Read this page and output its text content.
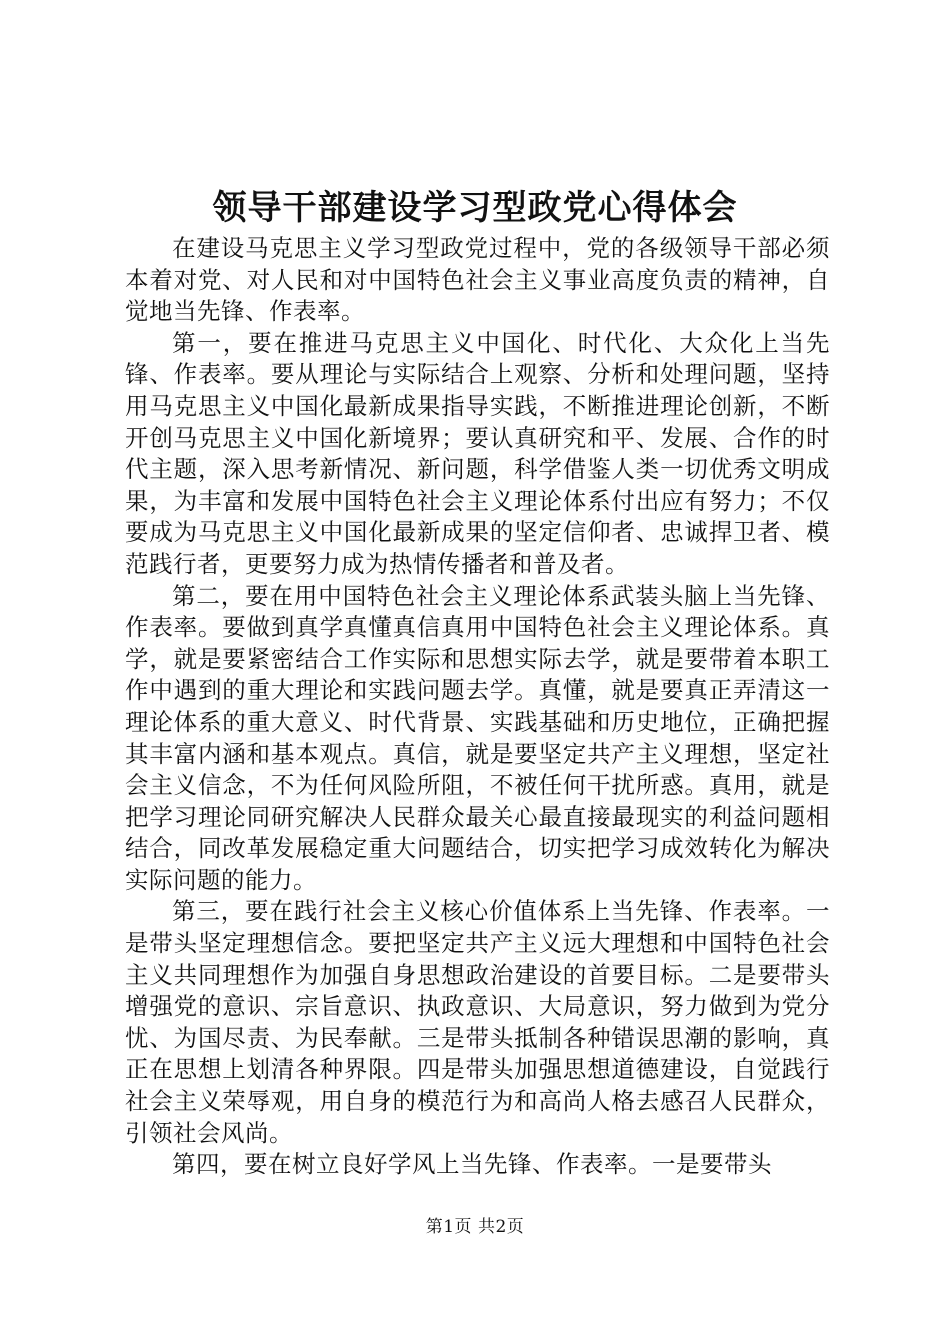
领导干部建设学习型政党心得体会

在建设马克思主义学习型政党过程中，党的各级领导干部必须本着对党、对人民和对中国特色社会主义事业高度负责的精神，自觉地当先锋、作表率。

第一，要在推进马克思主义中国化、时代化、大众化上当先锋、作表率。要从理论与实际结合上观察、分析和处理问题，坚持用马克思主义中国化最新成果指导实践，不断推进理论创新，不断开创马克思主义中国化新境界；要认真研究和平、发展、合作的时代主题，深入思考新情况、新问题，科学借鉴人类一切优秀文明成果，为丰富和发展中国特色社会主义理论体系付出应有努力；不仅要成为马克思主义中国化最新成果的坚定信仰者、忠诚捍卫者、模范践行者，更要努力成为热情传播者和普及者。

第二，要在用中国特色社会主义理论体系武装头脑上当先锋、作表率。要做到真学真懂真信真用中国特色社会主义理论体系。真学，就是要紧密结合工作实际和思想实际去学，就是要带着本职工作中遇到的重大理论和实践问题去学。真懂，就是要真正弄清这一理论体系的重大意义、时代背景、实践基础和历史地位，正确把握其丰富内涵和基本观点。真信，就是要坚定共产主义理想，坚定社会主义信念，不为任何风险所阻，不被任何干扰所惑。真用，就是把学习理论同研究解决人民群众最关心最直接最现实的利益问题相结合，同改革发展稳定重大问题结合，切实把学习成效转化为解决实际问题的能力。

第三，要在践行社会主义核心价值体系上当先锋、作表率。一是带头坚定理想信念。要把坚定共产主义远大理想和中国特色社会主义共同理想作为加强自身思想政治建设的首要目标。二是要带头增强党的意识、宗旨意识、执政意识、大局意识，努力做到为党分忧、为国尽责、为民奉献。三是带头抵制各种错误思潮的影响，真正在思想上划清各种界限。四是带头加强思想道德建设，自觉践行社会主义荣辱观，用自身的模范行为和高尚人格去感召人民群众，引领社会风尚。

第四，要在树立良好学风上当先锋、作表率。一是要带头

第1页 共2页
